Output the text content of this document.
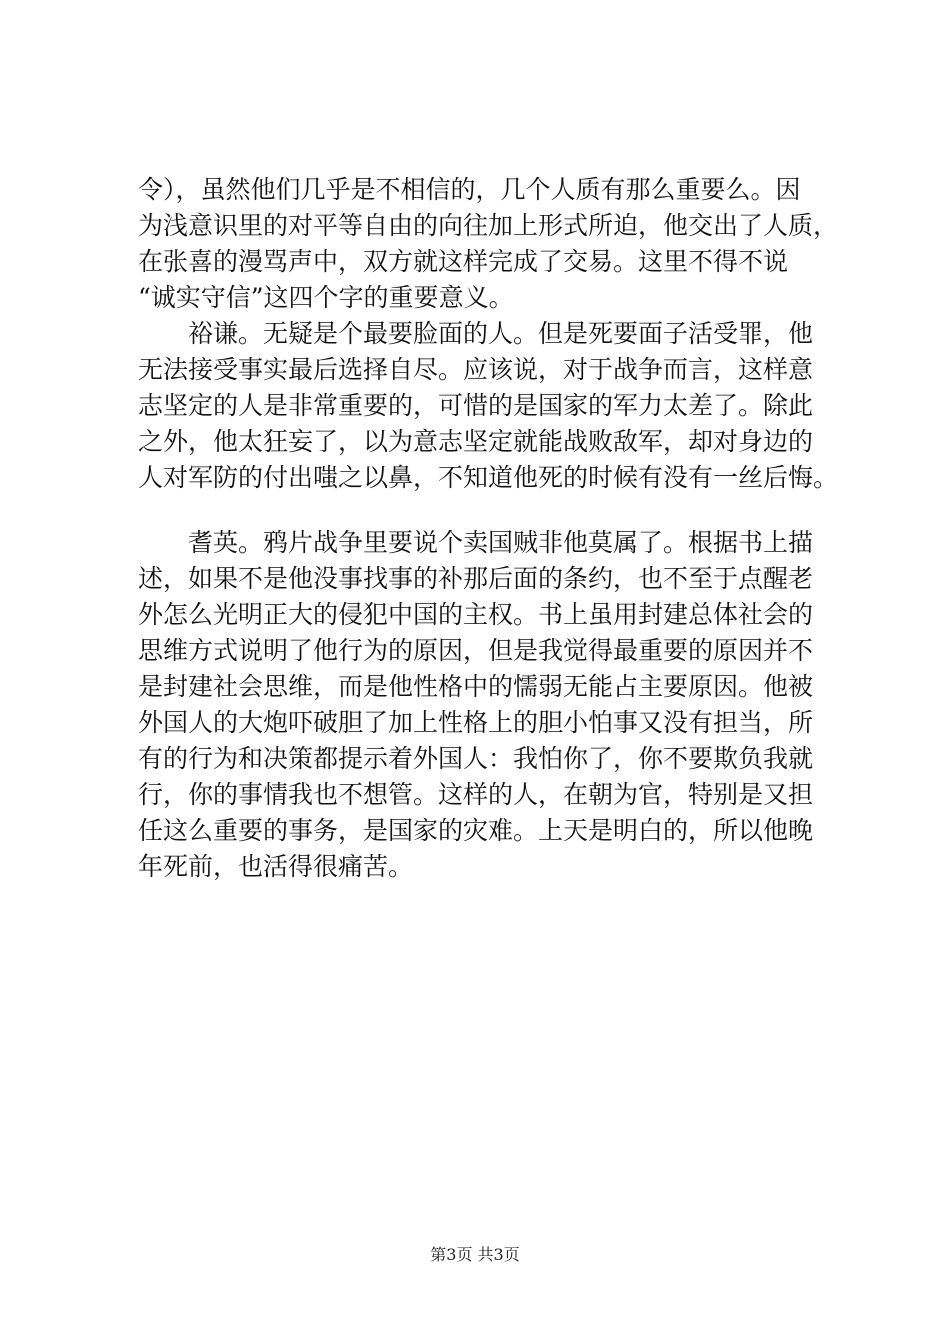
令），虽然他们几乎是不相信的，几个人质有那么重要么。因
为浅意识里的对平等自由的向往加上形式所迫，他交出了人质，
在张喜的漫骂声中，双方就这样完成了交易。这里不得不说
“诚实守信”这四个字的重要意义。
裕谦。无疑是个最要脸面的人。但是死要面子活受罪，他
无法接受事实最后选择自尽。应该说，对于战争而言，这样意
志坚定的人是非常重要的，可惜的是国家的军力太差了。除此
之外，他太狂妄了，以为意志坚定就能战败敌军，却对身边的
人对军防的付出嗤之以鼻，不知道他死的时候有没有一丝后悔。
耆英。鸦片战争里要说个卖国贼非他莫属了。根据书上描
述，如果不是他没事找事的补那后面的条约，也不至于点醒老
外怎么光明正大的侵犯中国的主权。书上虽用封建总体社会的
思维方式说明了他行为的原因，但是我觉得最重要的原因并不
是封建社会思维，而是他性格中的懦弱无能占主要原因。他被
外国人的大炮吓破胆了加上性格上的胆小怕事又没有担当，所
有的行为和决策都提示着外国人：我怕你了，你不要欺负我就
行，你的事情我也不想管。这样的人，在朝为官，特别是又担
任这么重要的事务，是国家的灾难。上天是明白的，所以他晚
年死前，也活得很痛苦。
第3页 共3页
